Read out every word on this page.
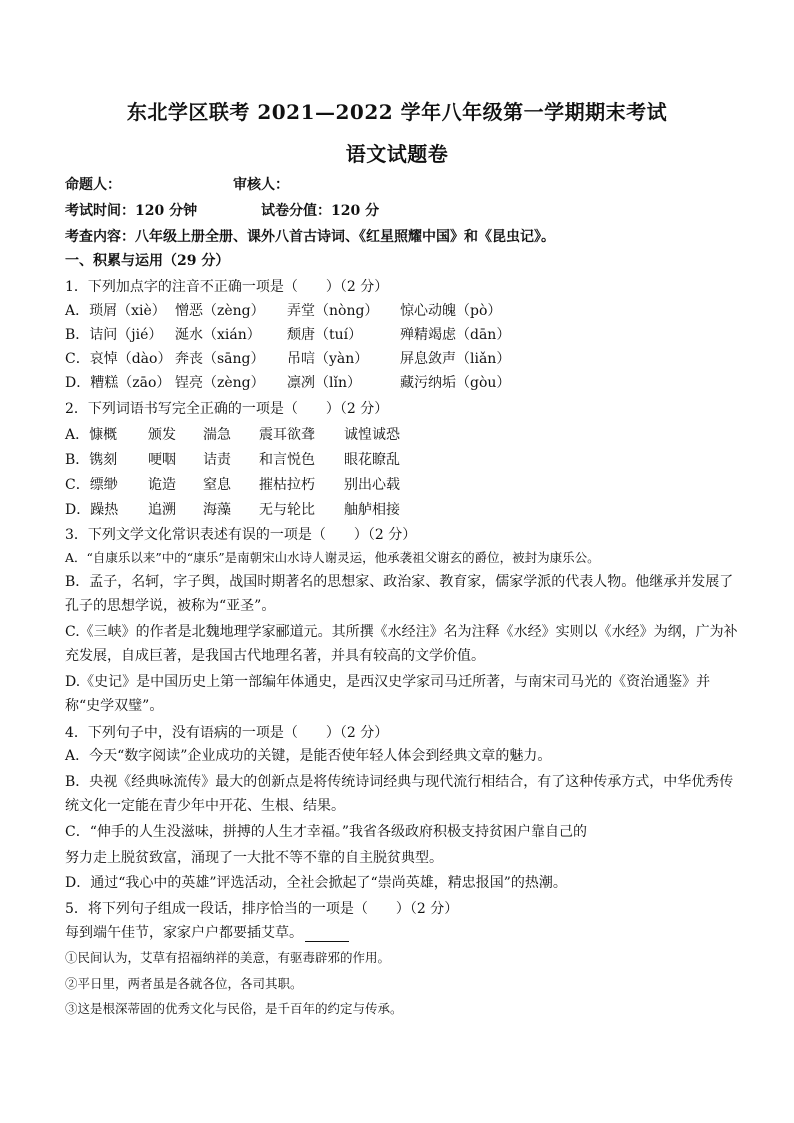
东北学区联考 2021—2022 学年八年级第一学期期末考试
语文试题卷
命题人：	审核人：
考试时间：120 分钟	试卷分值：120 分
考查内容：八年级上册全册、课外八首古诗词、《红星照耀中国》和《昆虫记》。
一、积累与运用（29 分）
1．下列加点字的注音不正确一项是（　　）（2 分）
A．琐屑（xiè） 憎恶（zèng） 弄堂（nòng） 惊心动魄（pò）
B．诘问（jié） 涎水（xián） 颓唐（tuí）	殚精竭虑（dān）
C．哀悼（dào） 奔丧（sāng） 吊唁（yàn） 屏息敛声（liǎn）
D．糟糕（zāo） 锃亮（zèng） 凛冽（lǐn）	藏污纳垢（gòu）
2．下列词语书写完全正确的一项是（　　）（2 分）
A．慷概 颁发 湍急 震耳欲聋 诚惶诚恐
B．镌刻 哽咽 诘责 和言悦色 眼花瞭乱
C．缥缈 诡造 窒息 摧枯拉朽 别出心载
D．躁热 追溯 海藻 无与轮比 舳舻相接
3．下列文学文化常识表述有误的一项是（　　）（2 分）
A．“自康乐以来”中的“康乐”是南朝宋山水诗人谢灵运，他承袭祖父谢玄的爵位，被封为康乐公。
B．孟子，名轲，字子舆，战国时期著名的思想家、政治家、教育家，儒家学派的代表人物。他继承并发展了孔子的思想学说，被称为“亚圣”。
C.《三峡》的作者是北魏地理学家郦道元。其所撰《水经注》名为注释《水经》实则以《水经》为纲，广为补充发展，自成巨著，是我国古代地理名著，并具有较高的文学价值。
D.《史记》是中国历史上第一部编年体通史，是西汉史学家司马迁所著，与南宋司马光的《资治通鉴》并称“史学双璧”。
4．下列句子中，没有语病的一项是（　　）（2 分）
A．今天“数字阅读”企业成功的关键，是能否使年轻人体会到经典文章的魅力。
B．央视《经典咏流传》最大的创新点是将传统诗词经典与现代流行相结合，有了这种传承方式，中华优秀传统文化一定能在青少年中开花、生根、结果。
C．“伸手的人生没滋味，拼搏的人生才幸福。”我省各级政府积极支持贫困户靠自己的
努力走上脱贫致富，涌现了一大批不等不靠的自主脱贫典型。
D．通过“我心中的英雄”评选活动，全社会掀起了“崇尚英雄，精忠报国”的热潮。
5．将下列句子组成一段话，排序恰当的一项是（　　）（2 分）
每到端午佳节，家家户户都要插艾草。
①民间认为，艾草有招福纳祥的美意，有驱毒辟邪的作用。
②平日里，两者虽是各就各位，各司其职。
③这是根深蒂固的优秀文化与民俗，是千百年的约定与传承。
